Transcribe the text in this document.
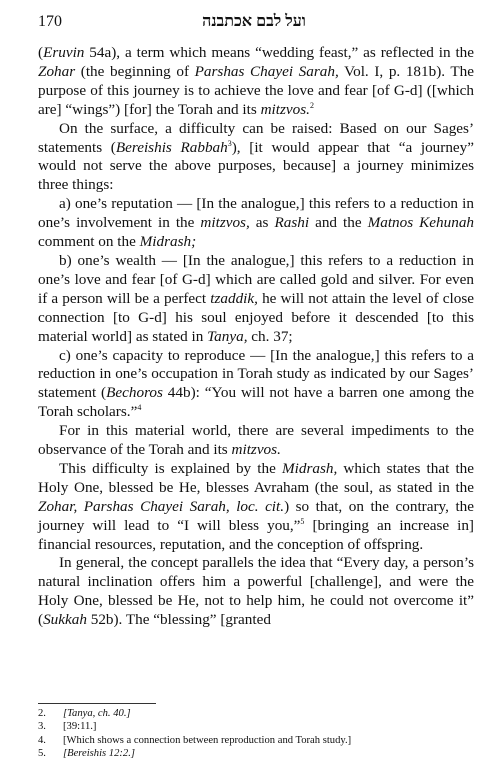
170	ועל לבם אכתבנה

(Eruvin 54a), a term which means “wedding feast,” as reflected in the Zohar (the beginning of Parshas Chayei Sarah, Vol. I, p. 181b). The purpose of this journey is to achieve the love and fear [of G-d] ([which are] “wings”) [for] the Torah and its mitzvos.$^2$

On the surface, a difficulty can be raised: Based on our Sages’ statements (Bereishis Rabbah$^3$), [it would appear that “a journey” would not serve the above purposes, because] a journey minimizes three things:

a) one’s reputation — [In the analogue,] this refers to a reduction in one’s involvement in the mitzvos, as Rashi and the Matnos Kehunah comment on the Midrash;

b) one’s wealth — [In the analogue,] this refers to a reduction in one’s love and fear [of G-d] which are called gold and silver. For even if a person will be a perfect tzaddik, he will not attain the level of close connection [to G-d] his soul enjoyed before it descended [to this material world] as stated in Tanya, ch. 37;

c) one’s capacity to reproduce — [In the analogue,] this refers to a reduction in one’s occupation in Torah study as indicated by our Sages’ statement (Bechoros 44b): “You will not have a barren one among the Torah scholars.”$^4$

For in this material world, there are several impediments to the observance of the Torah and its mitzvos.

This difficulty is explained by the Midrash, which states that the Holy One, blessed be He, blesses Avraham (the soul, as stated in the Zohar, Parshas Chayei Sarah, loc. cit.) so that, on the contrary, the journey will lead to “I will bless you,”$^5$ [bringing an increase in] financial resources, reputation, and the conception of offspring.

In general, the concept parallels the idea that “Every day, a person’s natural inclination offers him a powerful [challenge], and were the Holy One, blessed be He, not to help him, he could not overcome it” (Sukkah 52b). The “blessing” [granted

2.	[Tanya, ch. 40.]
3.	[39:11.]
4.	[Which shows a connection between reproduction and Torah study.]
5.	[Bereishis 12:2.]
